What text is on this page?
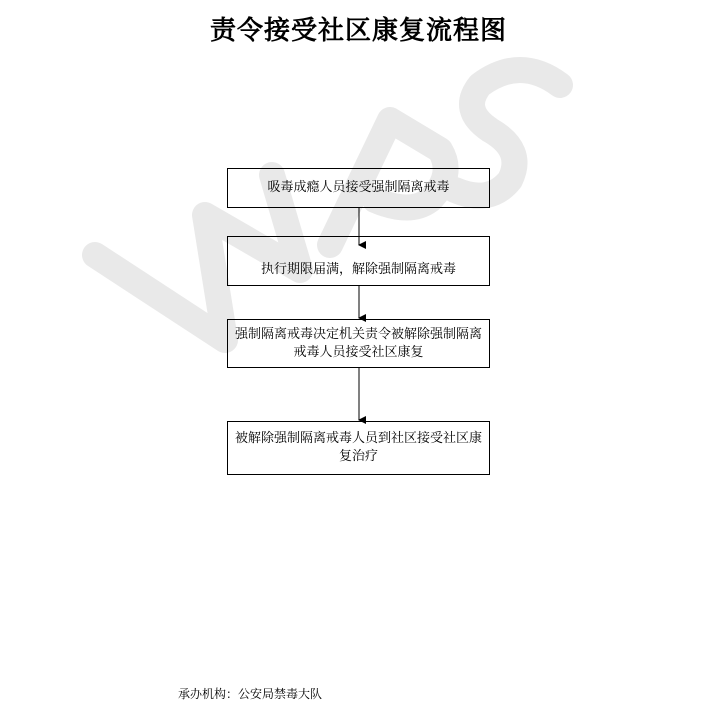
责令接受社区康复流程图
吸毒成瘾人员接受强制隔离戒毒
执行期限届满，解除强制隔离戒毒
强制隔离戒毒决定机关责令被解除强制隔离戒毒人员接受社区康复
被解除强制隔离戒毒人员到社区接受社区康复治疗
承办机构：公安局禁毒大队
